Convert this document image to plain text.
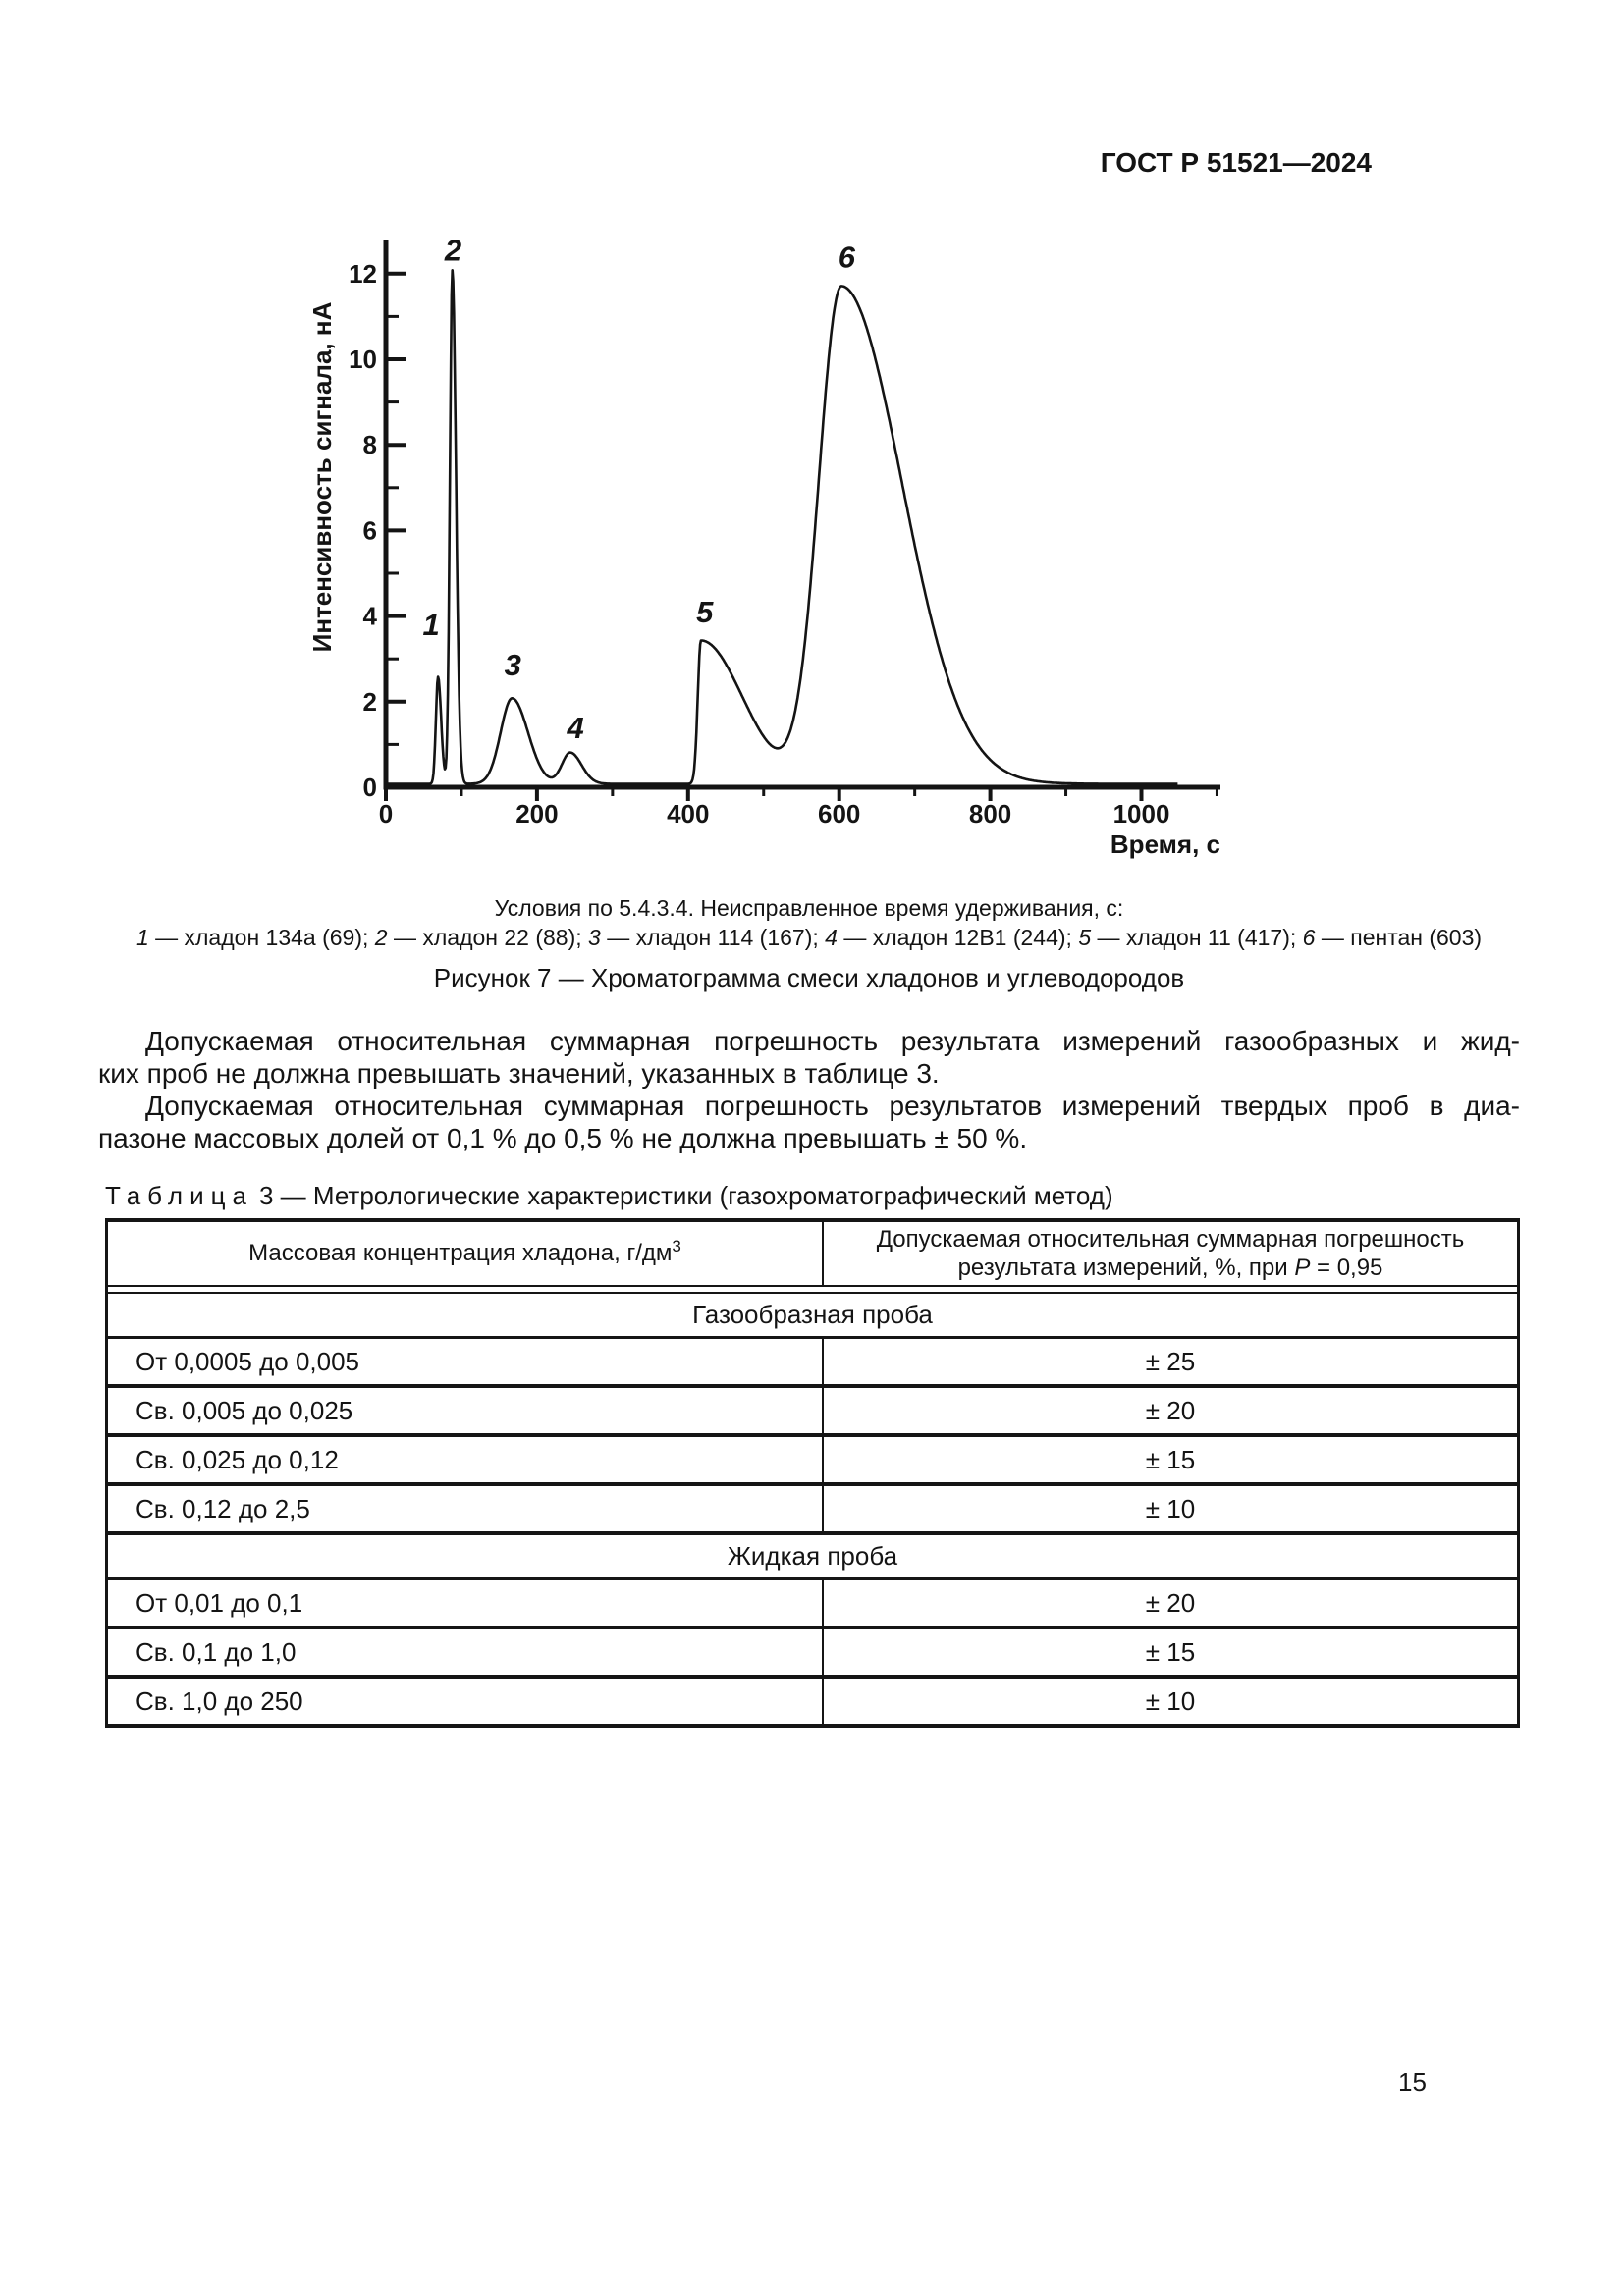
ГОСТ Р 51521—2024
0
2
4
6
8
10
12
0	200	400	600	800	1000
Интенсивность сигнала, нА
Время, с
1
2
3
4
5
6
Условия по 5.4.3.4. Неисправленное время удерживания, с:
1 — хладон 134а (69); 2 — хладон 22 (88); 3 — хладон 114 (167); 4 — хладон 12В1 (244); 5 — хладон 11 (417); 6 — пентан (603)
Рисунок 7 — Хроматограмма смеси хладонов и углеводородов
Допускаемая относительная суммарная погрешность результата измерений газообразных и жид-
ких проб не должна превышать значений, указанных в таблице 3.
Допускаемая относительная суммарная погрешность результатов измерений твердых проб в диа-
пазоне массовых долей от 0,1 % до 0,5 % не должна превышать ± 50 %.
Таблица 3 — Метрологические характеристики (газохроматографический метод)
Массовая концентрация хладона, $г/дм^3$	Допускаемая относительная суммарная погрешность
результата измерений, %, при P = 0,95
Газообразная проба
От 0,0005 до 0,005	± 25
Св. 0,005 до 0,025	± 20
Св. 0,025 до 0,12	± 15
Св. 0,12 до 2,5	± 10
Жидкая проба
От 0,01 до 0,1	± 20
Св. 0,1 до 1,0	± 15
Св. 1,0 до 250	± 10
15
